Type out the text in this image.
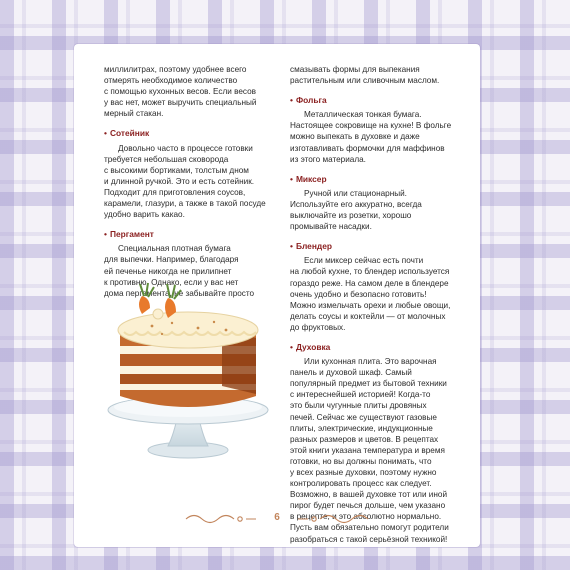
миллилитрах, поэтому удобнее всего

отмерять необходимое количество

с помощью кухонных весов. Если весов

у вас нет, может выручить специальный

мерный стакан.

• Сотейник

Довольно часто в процессе готовки

требуется небольшая сковорода

с высокими бортиками, толстым дном

и длинной ручкой. Это и есть сотейник.

Подходит для приготовления соусов,

карамели, глазури, а также в такой посуде

удобно варить какао.

• Пергамент

Специальная плотная бумага

для выпечки. Например, благодаря

ей печенье никогда не прилипнет

к противню. Однако, если у вас нет

дома пергамента, не забывайте просто

смазывать формы для выпекания

растительным или сливочным маслом.

• Фольга

Металлическая тонкая бумага.

Настоящее сокровище на кухне! В фольге

можно выпекать в духовке и даже

изготавливать формочки для маффинов

из этого материала.

• Миксер

Ручной или стационарный.

Используйте его аккуратно, всегда

выключайте из розетки, хорошо

промывайте насадки.

• Блендер

Если миксер сейчас есть почти

на любой кухне, то блендер используется

гораздо реже. На самом деле в блендере

очень удобно и безопасно готовить!

Можно измельчать орехи и любые овощи,

делать соусы и коктейли — от молочных

до фруктовых.

• Духовка

Или кухонная плита. Это варочная

панель и духовой шкаф. Самый

популярный предмет из бытовой техники

с интереснейшей историей! Когда-то

это были чугунные плиты дровяных

печей. Сейчас же существуют газовые

плиты, электрические, индукционные

разных размеров и цветов. В рецептах

этой книги указана температура и время

готовки, но вы должны понимать, что

у всех разные духовки, поэтому нужно

контролировать процесс как следует.

Возможно, в вашей духовке тот или иной

пирог будет печься дольше, чем указано

в рецепте, и это абсолютно нормально.

Пусть вам обязательно помогут родители

разобраться с такой серьёзной техникой!

6
